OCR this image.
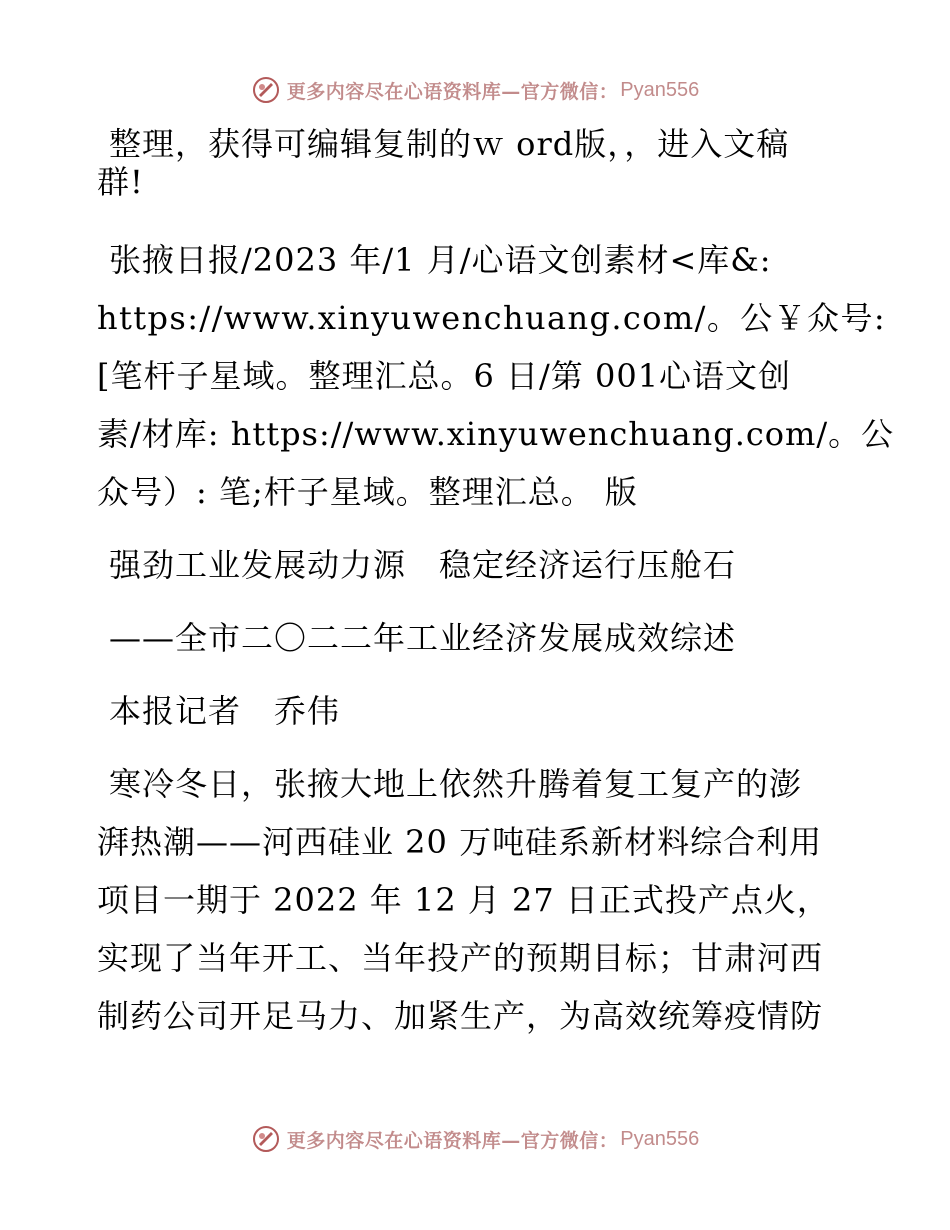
更多内容尽在心语资料库—官方微信： Pyan556
整理，获得可编辑复制的ｗ ord版，，进入文稿
群!
张掖日报/2023 年/1 月/心语文创素材<库&:
https://www.xinyuwenchuang.com/。公￥众号:
[笔杆子星域。整理汇总。6 日/第 001心语文创
素/材库: https://www.xinyuwenchuang.com/。公
众号）: 笔;杆子星域。整理汇总。 版
强劲工业发展动力源　稳定经济运行压舱石
——全市二〇二二年工业经济发展成效综述
本报记者　乔伟
寒冷冬日，张掖大地上依然升腾着复工复产的澎
湃热潮——河西硅业 20 万吨硅系新材料综合利用
项目一期于 2022 年 12 月 27 日正式投产点火，
实现了当年开工、当年投产的预期目标；甘肃河西
制药公司开足马力、加紧生产，为高效统筹疫情防
更多内容尽在心语资料库—官方微信： Pyan556
